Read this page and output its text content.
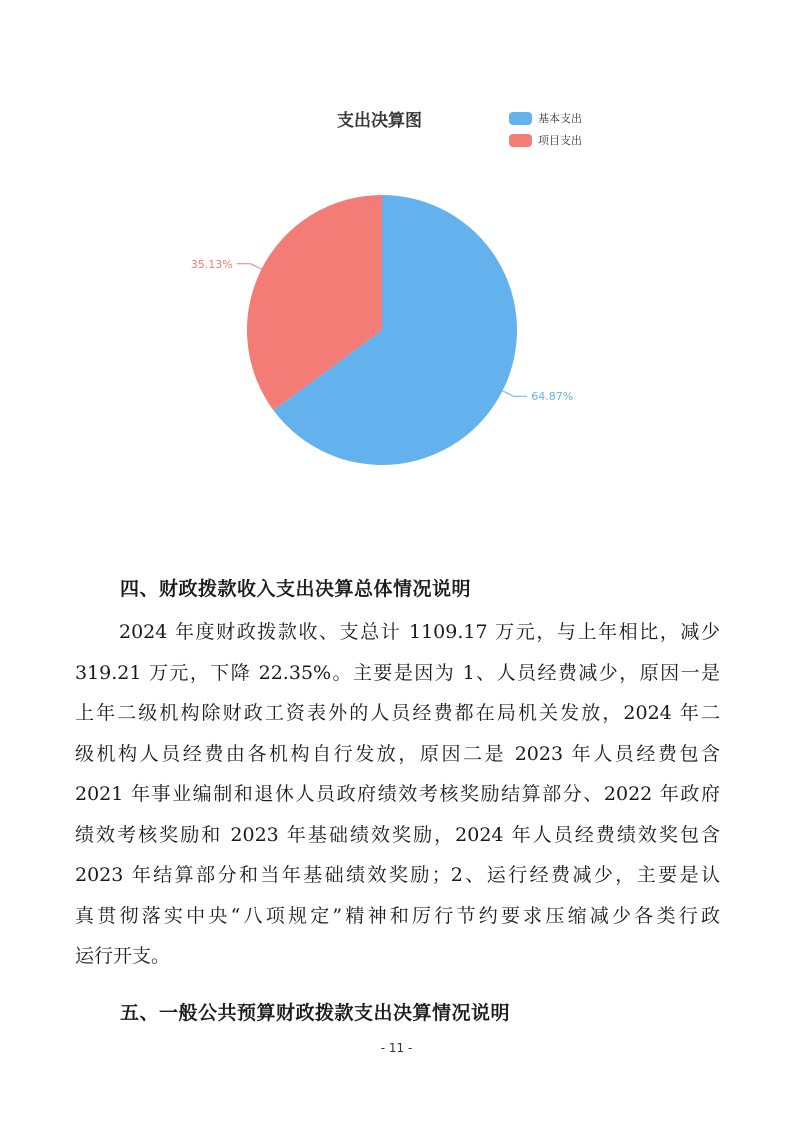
支出决算图	基本支出
项目支出
64.87%
35.13%
四、财政拨款收入支出决算总体情况说明
2024 年度财政拨款收、支总计 1109.17 万元，与上年相比，减少
319.21 万元，下降 22.35%。主要是因为 1、人员经费减少，原因一是
上年二级机构除财政工资表外的人员经费都在局机关发放，2024 年二
级机构人员经费由各机构自行发放，原因二是 2023 年人员经费包含
2021 年事业编制和退休人员政府绩效考核奖励结算部分、2022 年政府
绩效考核奖励和 2023 年基础绩效奖励，2024 年人员经费绩效奖包含
2023 年结算部分和当年基础绩效奖励；2、运行经费减少，主要是认
真贯彻落实中央“八项规定”精神和厉行节约要求压缩减少各类行政
运行开支。
五、一般公共预算财政拨款支出决算情况说明
- 11 -
